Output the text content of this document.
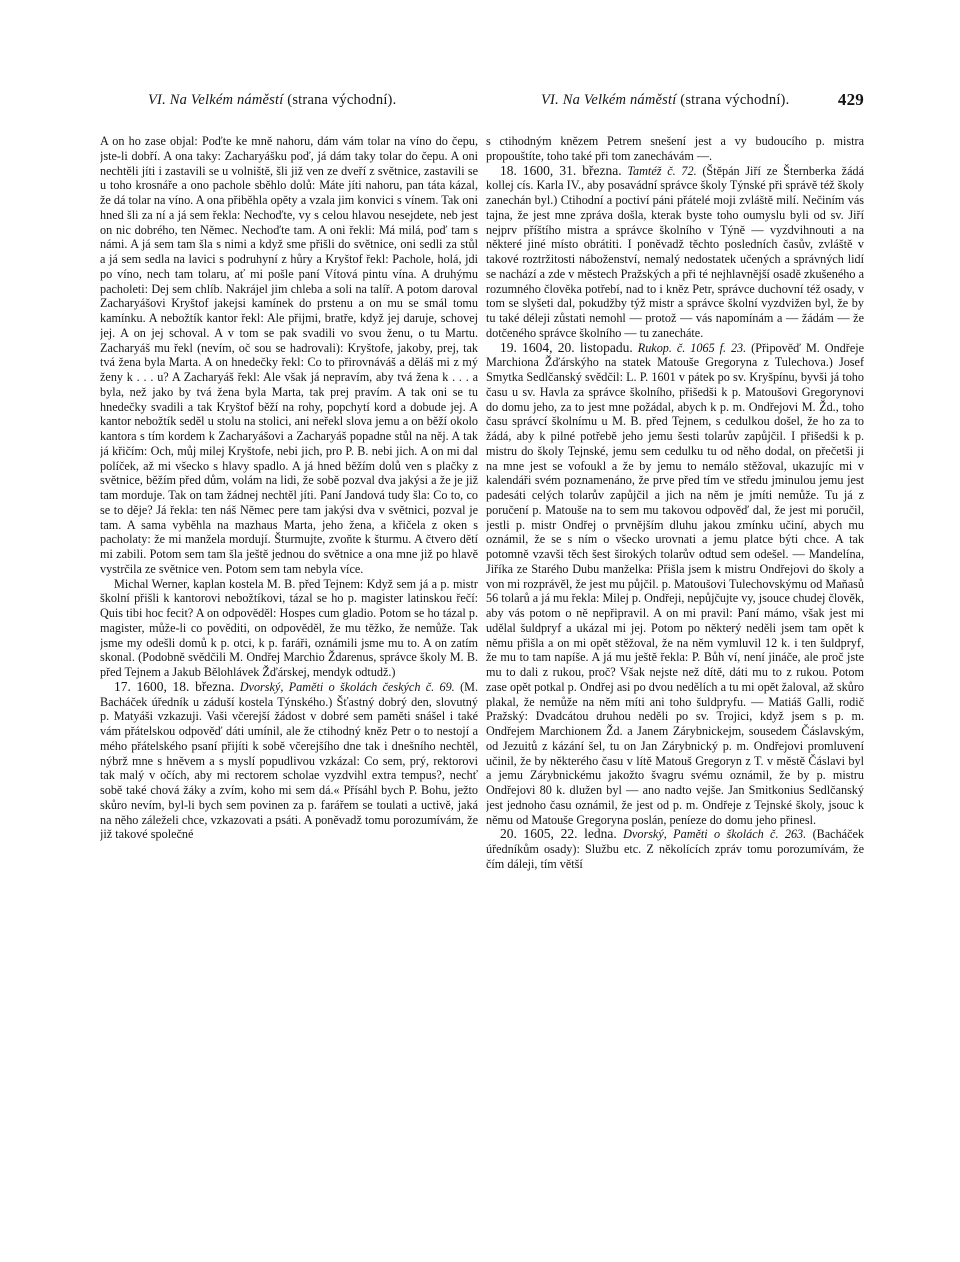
VI. Na Velkém náměstí (strana východní).	VI. Na Velkém náměstí (strana východní).	429

A on ho zase objal: Poďte ke mně nahoru, dám vám tolar na víno do čepu, jste-li dobří. A ona taky: Zacharyášku poď, já dám taky tolar do čepu. A oni nechtěli jíti i zastavili se u volniště, šli již ven ze dveří z světnice, zastavili se u toho krosnáře a ono pachole sběhlo dolů: Máte jíti nahoru, pan táta kázal, že dá tolar na víno. A ona přiběhla opěty a vzala jim konvici s vínem. Tak oni hned šli za ní a já sem řekla: Nechoďte, vy s celou hlavou nesejdete, neb jest on nic dobrého, ten Němec. Nechoďte tam. A oni řekli: Má milá, poď tam s námi. A já sem tam šla s nimi a když sme přišli do světnice, oni sedli za stůl a já sem sedla na lavici s podruhyní z hůry a Kryštof řekl: Pachole, holá, jdi po víno, nech tam tolaru, ať mi pošle paní Vítová pintu vína. A druhýmu pacholeti: Dej sem chlíb. Nakrájel jim chleba a soli na talíř. A potom daroval Zacharyášovi Kryštof jakejsi kamínek do prstenu a on mu se smál tomu kamínku. A nebožtík kantor řekl: Ale přijmi, bratře, když jej daruje, schovej jej. A on jej schoval. A v tom se pak svadili vo svou ženu, o tu Martu. Zacharyáš mu řekl (nevím, oč sou se hadrovali): Kryštofe, jakoby, prej, tak tvá žena byla Marta. A on hnedečky řekl: Co to přirovnáváš a děláš mi z mý ženy k . . . u? A Zacharyáš řekl: Ale však já nepravím, aby tvá žena k . . . a byla, než jako by tvá žena byla Marta, tak prej pravím. A tak oni se tu hnedečky svadili a tak Kryštof běží na rohy, popchytí kord a dobude jej. A kantor nebožtík seděl u stolu na stolici, ani neřekl slova jemu a on běží okolo kantora s tím kordem k Zacharyášovi a Zacharyáš popadne stůl na něj. A tak já křičím: Och, můj milej Kryštofe, nebi jich, pro P. B. nebi jich. A on mi dal políček, až mi všecko s hlavy spadlo. A já hned běžím dolů ven s plačky z světnice, běžím před dům, volám na lidi, že sobě pozval dva jakýsi a že je již tam morduje. Tak on tam žádnej nechtěl jíti. Paní Jandová tudy šla: Co to, co se to děje? Já řekla: ten náš Němec pere tam jakýsi dva v světnici, pozval je tam. A sama vyběhla na mazhaus Marta, jeho žena, a křičela z oken s pacholaty: že mi manžela mordují. Šturmujte, zvoňte k šturmu. A čtvero dětí mi zabili. Potom sem tam šla ještě jednou do světnice a ona mne již po hlavě vystrčila ze světnice ven. Potom sem tam nebyla více.

Michal Werner, kaplan kostela M. B. před Tejnem: Když sem já a p. mistr školní přišli k kantorovi nebožtíkovi, tázal se ho p. magister latinskou řečí: Quis tibi hoc fecit? A on odpověděl: Hospes cum gladio. Potom se ho tázal p. magister, může-li co pověditi, on odpověděl, že mu těžko, že nemůže. Tak jsme my odešli domů k p. otci, k p. faráři, oznámili jsme mu to. A on zatím skonal. (Podobně svědčili M. Ondřej Marchio Ždarenus, správce školy M. B. před Tejnem a Jakub Bělohlávek Žďárskej, mendyk odtudž.)

17. 1600, 18. března. Dvorský, Paměti o školách českých č. 69. (M. Bacháček úředník u záduší kostela Týnského.) Šťastný dobrý den, slovutný p. Matyáši vzkazuji. Vaši včerejší žádost v dobré sem paměti snášel i také vám přátelskou odpověď dáti umínil, ale že ctihodný kněz Petr o to nestojí a mého přátelského psaní přijíti k sobě včerejšího dne tak i dnešního nechtěl, nýbrž mne s hněvem a s myslí popudlivou vzkázal: Co sem, prý, rektorovi tak malý v očích, aby mi rectorem scholae vyzdvihl extra tempus?, nechť sobě také chová žáky a zvím, koho mi sem dá.« Přísáhl bych P. Bohu, ježto skůro nevím, byl-li bych sem povinen za p. farářem se toulati a uctivě, jaká na něho záleželi chce, vzkazovati a psáti. A poněvadž tomu porozumívám, že již takové společné

s ctihodným knězem Petrem snešení jest a vy budoucího p. mistra propouštíte, toho také při tom zanechávám —.

18. 1600, 31. března. Tamtéž č. 72. (Štěpán Jiří ze Šternberka žádá kollej cís. Karla IV., aby posavádní správce školy Týnské při správě též školy zanechán byl.) Ctihodní a poctiví páni přátelé moji zvláště milí. Nečiním vás tajna, že jest mne zpráva došla, kterak byste toho oumyslu byli od sv. Jiří nejprv příštího mistra a správce školního v Týně — vyzdvihnouti a na některé jiné místo obrátiti. I poněvadž těchto posledních časův, zvláště v takové roztržitosti náboženství, nemalý nedostatek učených a správných lidí se nachází a zde v městech Pražských a při té nejhlavnější osadě zkušeného a rozumného člověka potřebí, nad to i kněz Petr, správce duchovní též osady, v tom se slyšeti dal, pokudžby týž mistr a správce školní vyzdvižen byl, že by tu také déleji zůstati nemohl — protož — vás napomínám a — žádám — že dotčeného správce školního — tu zanecháte.

19. 1604, 20. listopadu. Rukop. č. 1065 f. 23. (Připověď M. Ondřeje Marchiona Žďárskýho na statek Matouše Gregoryna z Tulechova.) Josef Smytka Sedlčanský svědčil: L. P. 1601 v pátek po sv. Kryšpínu, byvši já toho času u sv. Havla za správce školního, přišedši k p. Matoušovi Gregorynovi do domu jeho, za to jest mne požádal, abych k p. m. Ondřejovi M. Žd., toho času správcí školnímu u M. B. před Tejnem, s cedulkou došel, že ho za to žádá, aby k pilné potřebě jeho jemu šesti tolarův zapůjčil. I přišedši k p. mistru do školy Tejnské, jemu sem cedulku tu od něho dodal, on přečetši ji na mne jest se vofoukl a že by jemu to nemálo stěžoval, ukazujíc mi v kalendáři svém poznamenáno, že prve před tím ve středu jminulou jemu jest padesáti celých tolarův zapůjčil a jich na něm je jmíti nemůže. Tu já z poručení p. Matouše na to sem mu takovou odpověď dal, že jest mi poručil, jestli p. mistr Ondřej o prvnějším dluhu jakou zmínku učiní, abych mu oznámil, že se s ním o všecko urovnati a jemu platce býti chce. A tak potomně vzavši těch šest širokých tolarův odtud sem odešel. — Mandelína, Jiříka ze Starého Dubu manželka: Přišla jsem k mistru Ondřejovi do školy a von mi rozprávěl, že jest mu půjčil. p. Matoušovi Tulechovskýmu od Maňasů 56 tolarů a já mu řekla: Milej p. Ondřeji, nepůjčujte vy, jsouce chudej člověk, aby vás potom o ně nepřipravil. A on mi pravil: Paní mámo, však jest mi udělal šuldpryf a ukázal mi jej. Potom po některý neděli jsem tam opět k němu přišla a on mi opět stěžoval, že na něm vymluvil 12 k. i ten šuldpryf, že mu to tam napíše. A já mu ještě řekla: P. Bůh ví, není jináče, ale proč jste mu to dali z rukou, proč? Však nejste než dítě, dáti mu to z rukou. Potom zase opět potkal p. Ondřej asi po dvou nedělích a tu mi opět žaloval, až skůro plakal, že nemůže na něm míti ani toho šuldpryfu. — Matiáš Galli, rodič Pražský: Dvadcátou druhou neděli po sv. Trojici, když jsem s p. m. Ondřejem Marchionem Žd. a Janem Zárybnickejm, sousedem Čáslavským, od Jezuitů z kázání šel, tu on Jan Zárybnický p. m. Ondřejovi promluvení učinil, že by některého času v lítě Matouš Gregoryn z T. v městě Čáslavi byl a jemu Zárybnickému jakožto švagru svému oznámil, že by p. mistru Ondřejovi 80 k. dlužen byl — ano nadto vejše. Jan Smitkonius Sedlčanský jest jednoho času oznámil, že jest od p. m. Ondřeje z Tejnské školy, jsouc k němu od Matouše Gregoryna poslán, peníeze do domu jeho přinesl.

20. 1605, 22. ledna. Dvorský, Paměti o školách č. 263. (Bacháček úředníkům osady): Službu etc. Z několících zpráv tomu porozumívám, že čím dáleji, tím větší
